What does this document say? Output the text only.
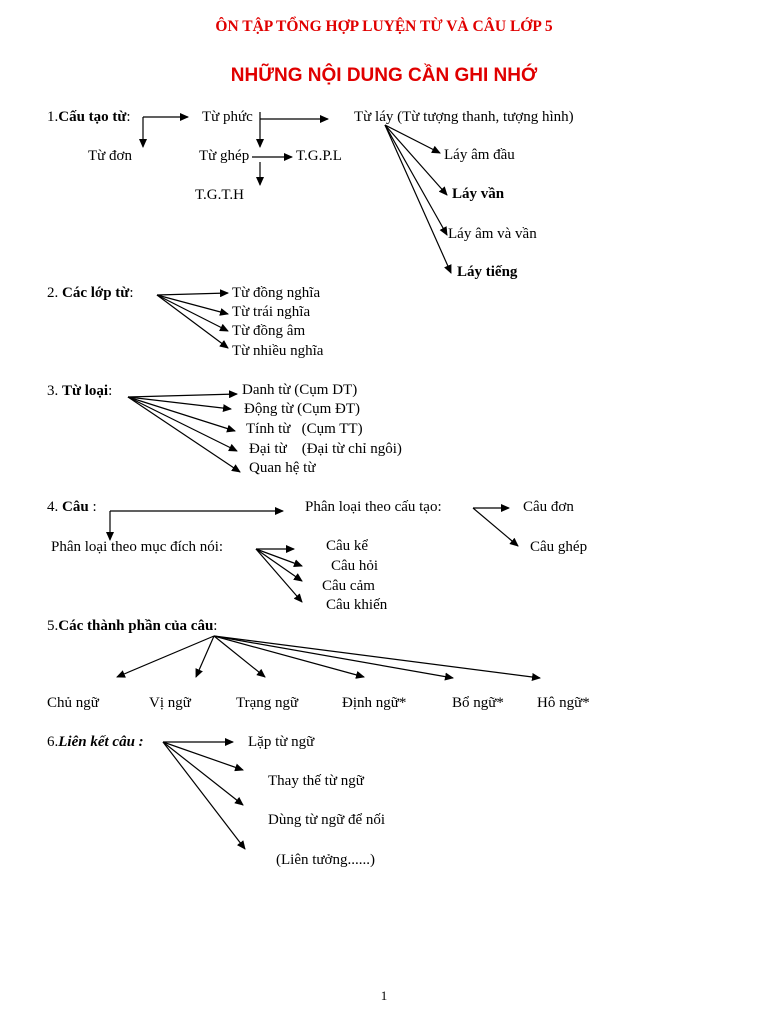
ÔN TẬP TỔNG HỢP LUYỆN TỪ VÀ CÂU LỚP 5
NHỮNG NỘI DUNG CẦN GHI NHỚ
1.Cấu tạo từ:	Từ phức	Từ láy (Từ tượng thanh, tượng hình)
Từ đơn	Từ ghép	T.G.P.L
T.G.T.H
Láy âm đầu
Láy vần
Láy âm và vần
Láy tiếng
2. Các lớp từ:	Từ đồng nghĩa
Từ trái nghĩa
Từ đồng âm
Từ nhiều nghĩa
3. Từ loại:	Danh từ (Cụm DT)
Động từ (Cụm ĐT)
Tính từ   (Cụm TT)
Đại từ    (Đại từ chỉ ngôi)
Quan hệ từ
4. Câu :	Phân loại theo cấu tạo:	Câu đơn
Câu ghép
Phân loại theo mục đích nói:	Câu kể
Câu hỏi
Câu cảm
Câu khiến
5.Các thành phần của câu:
Chủ ngữ	Vị ngữ	Trạng ngữ	Định ngữ*	Bổ ngữ* Hô ngữ*
6.Liên kết câu :	Lặp từ ngữ
Thay thế từ ngữ
Dùng từ ngữ để nối
(Liên tưởng......)
1
